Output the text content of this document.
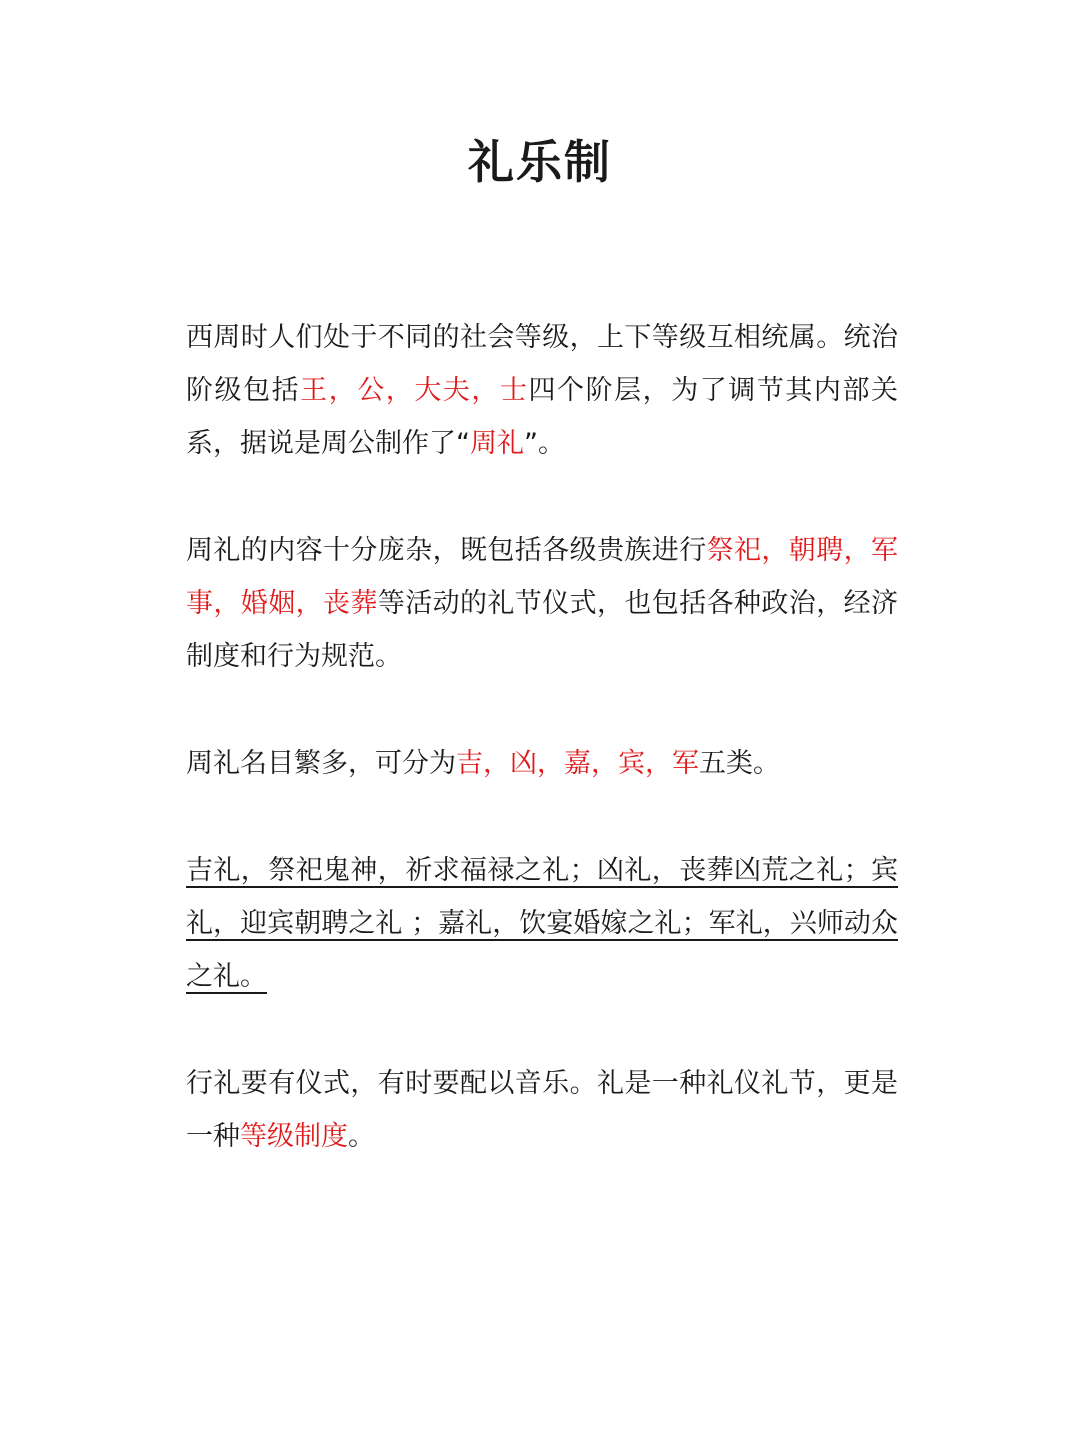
礼乐制

西周时人们处于不同的社会等级，上下等级互相统属。统治阶级包括王，公，大夫，士四个阶层，为了调节其内部关系，据说是周公制作了“周礼”。

周礼的内容十分庞杂，既包括各级贵族进行祭祀，朝聘，军事，婚姻，丧葬等活动的礼节仪式，也包括各种政治，经济制度和行为规范。

周礼名目繁多，可分为吉，凶，嘉，宾，军五类。

吉礼，祭祀鬼神，祈求福禄之礼；凶礼，丧葬凶荒之礼；宾礼，迎宾朝聘之礼 ；嘉礼，饮宴婚嫁之礼；军礼，兴师动众之礼。

行礼要有仪式，有时要配以音乐。礼是一种礼仪礼节，更是一种等级制度。
